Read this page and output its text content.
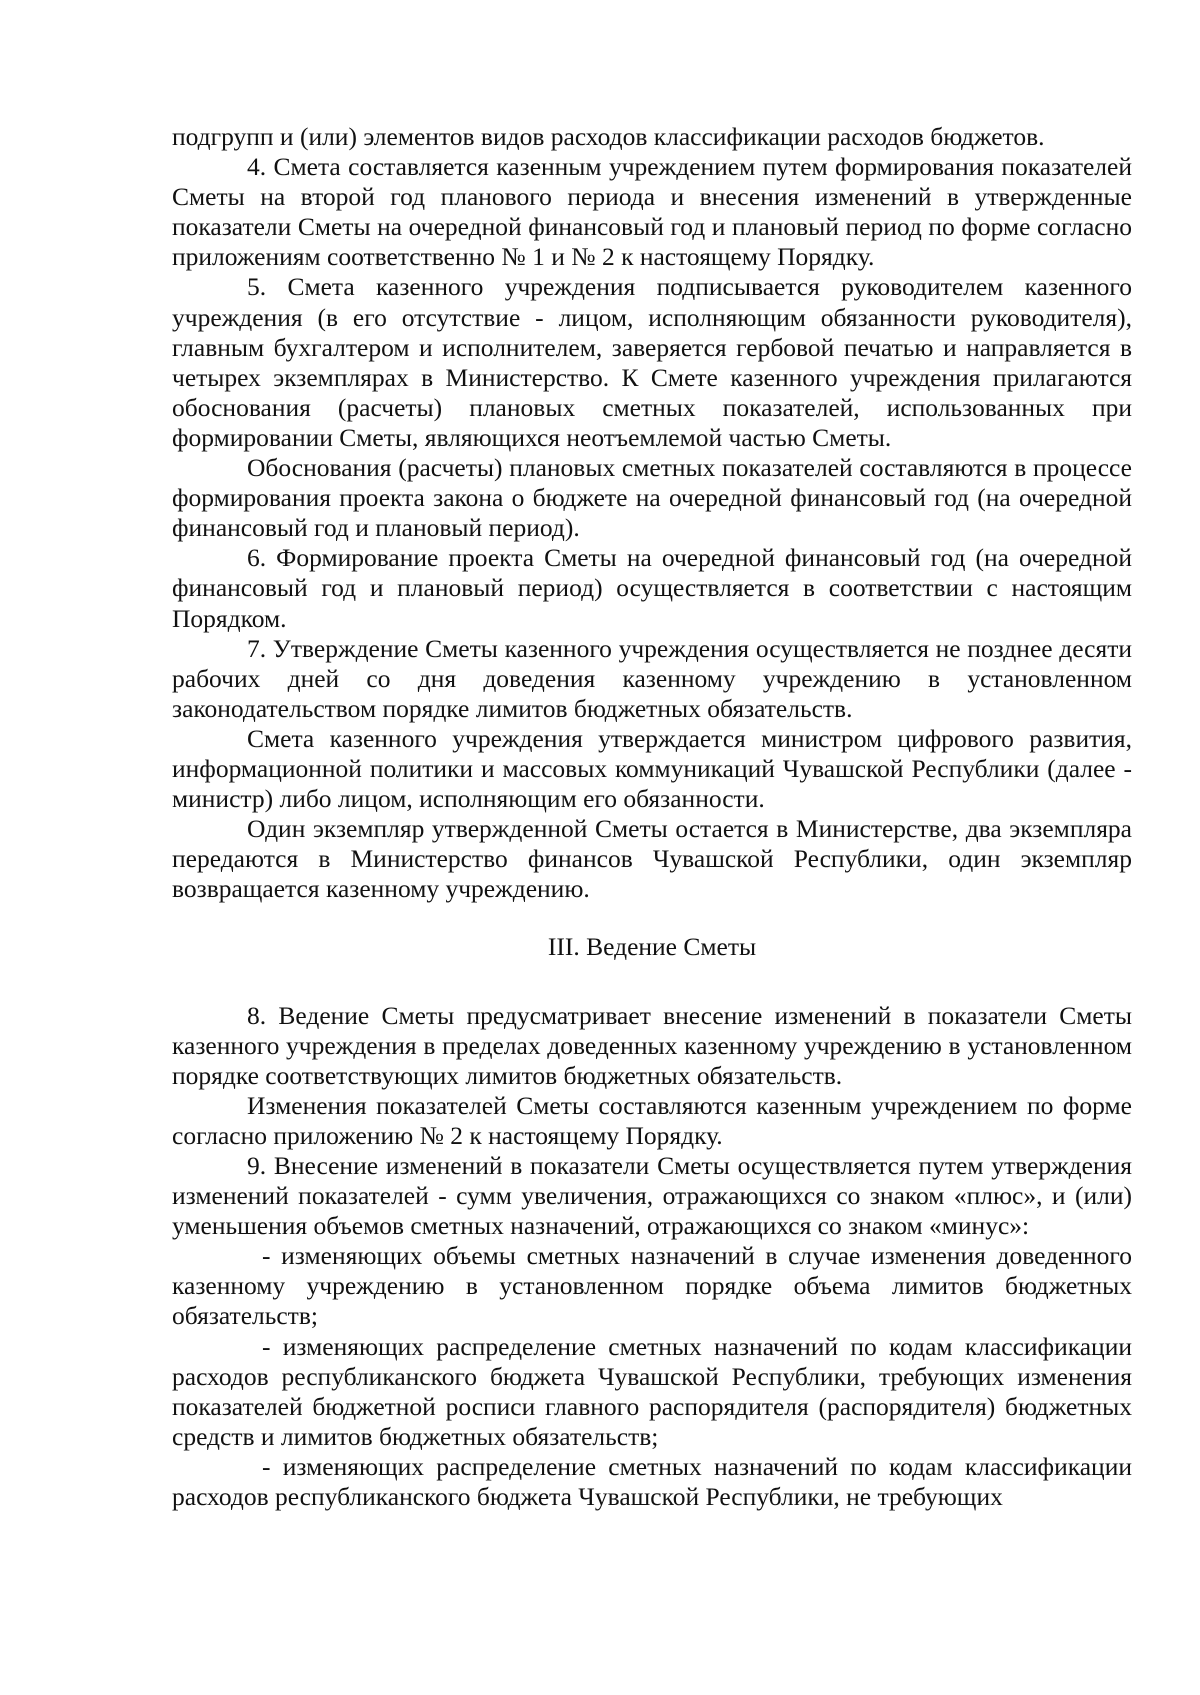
подгрупп и (или) элементов видов расходов классификации расходов бюджетов.

4. Смета составляется казенным учреждением путем формирования показателей Сметы на второй год планового периода и внесения изменений в утвержденные показатели Сметы на очередной финансовый год и плановый период по форме согласно приложениям соответственно № 1 и № 2 к настоящему Порядку.

5. Смета казенного учреждения подписывается руководителем казенного учреждения (в его отсутствие - лицом, исполняющим обязанности руководителя), главным бухгалтером и исполнителем, заверяется гербовой печатью и направляется в четырех экземплярах в Министерство. К Смете казенного учреждения прилагаются обоснования (расчеты) плановых сметных показателей, использованных при формировании Сметы, являющихся неотъемлемой частью Сметы.

Обоснования (расчеты) плановых сметных показателей составляются в процессе формирования проекта закона о бюджете на очередной финансовый год (на очередной финансовый год и плановый период).

6. Формирование проекта Сметы на очередной финансовый год (на очередной финансовый год и плановый период) осуществляется в соответствии с настоящим Порядком.

7. Утверждение Сметы казенного учреждения осуществляется не позднее десяти рабочих дней со дня доведения казенному учреждению в установленном законодательством порядке лимитов бюджетных обязательств.

Смета казенного учреждения утверждается министром цифрового развития, информационной политики и массовых коммуникаций Чувашской Республики (далее - министр) либо лицом, исполняющим его обязанности.

Один экземпляр утвержденной Сметы остается в Министерстве, два экземпляра передаются в Министерство финансов Чувашской Республики, один экземпляр возвращается казенному учреждению.

III. Ведение Сметы

8. Ведение Сметы предусматривает внесение изменений в показатели Сметы казенного учреждения в пределах доведенных казенному учреждению в установленном порядке соответствующих лимитов бюджетных обязательств.

Изменения показателей Сметы составляются казенным учреждением по форме согласно приложению № 2 к настоящему Порядку.

9. Внесение изменений в показатели Сметы осуществляется путем утверждения изменений показателей - сумм увеличения, отражающихся со знаком «плюс», и (или) уменьшения объемов сметных назначений, отражающихся со знаком «минус»:

- изменяющих объемы сметных назначений в случае изменения доведенного казенному учреждению в установленном порядке объема лимитов бюджетных обязательств;

- изменяющих распределение сметных назначений по кодам классификации расходов республиканского бюджета Чувашской Республики, требующих изменения показателей бюджетной росписи главного распорядителя (распорядителя) бюджетных средств и лимитов бюджетных обязательств;

- изменяющих распределение сметных назначений по кодам классификации расходов республиканского бюджета Чувашской Республики, не требующих
